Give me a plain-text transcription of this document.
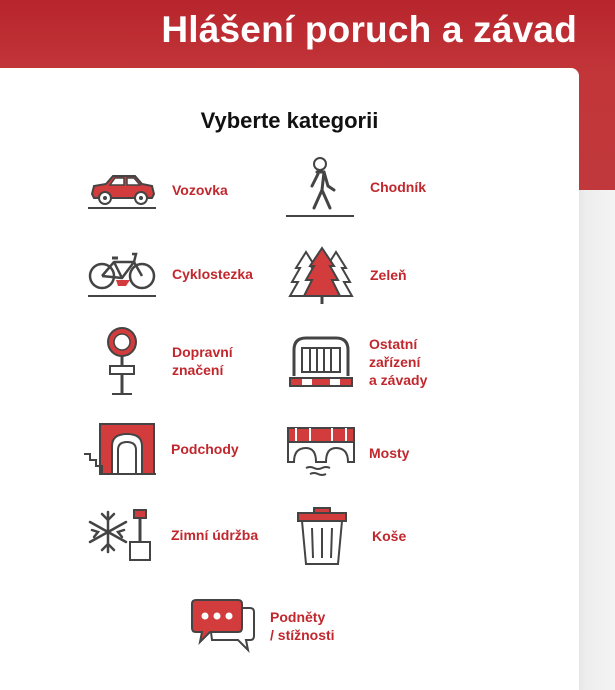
Hlášení poruch a závad
Vyberte kategorii
Vozovka	Chodník
Cyklostezka	Zeleň
Dopravní
značení
Ostatní
zařízení
a závady
Podchody	Mosty
Zimní údržba	Koše
Podněty
/ stížnosti
